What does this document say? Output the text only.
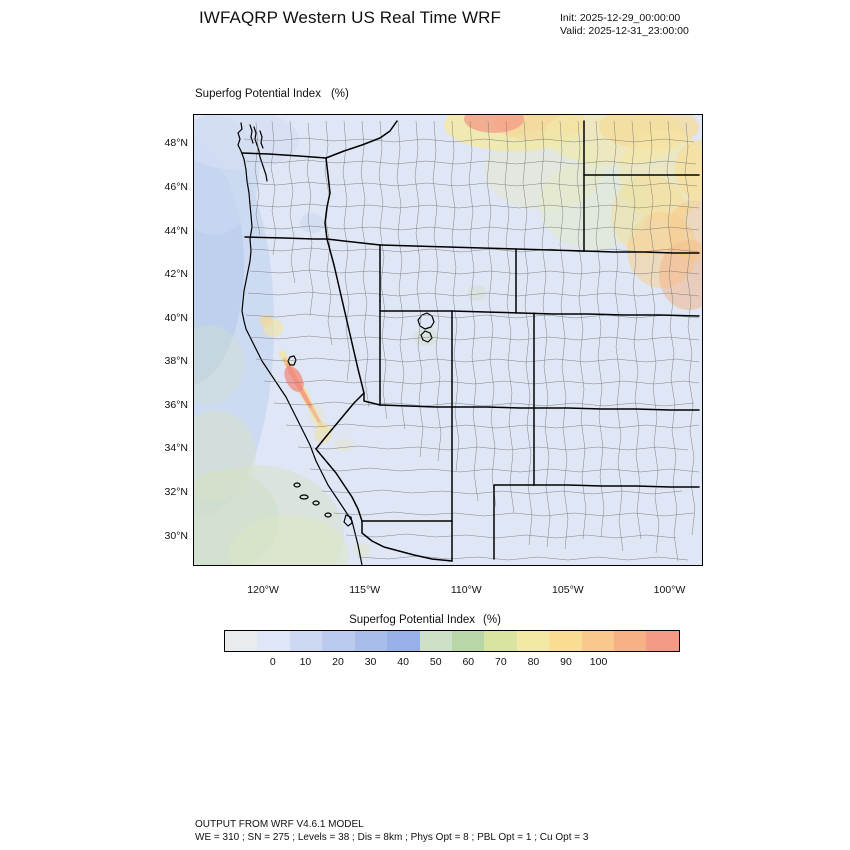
IWFAQRP Western US Real Time WRF	Init: 2025-12-29_00:00:00
Valid: 2025-12-31_23:00:00
Superfog Potential Index (%)
48°N
46°N
44°N
42°N
40°N
38°N
36°N
34°N
32°N
30°N
120°W	115°W	110°W	105°W	100°W
Superfog Potential Index (%)
0	10	20	30	40	50	60	70	80	90	100
OUTPUT FROM WRF V4.6.1 MODEL
WE = 310 ; SN = 275 ; Levels = 38 ; Dis = 8km ; Phys Opt = 8 ; PBL Opt = 1 ; Cu Opt = 3
